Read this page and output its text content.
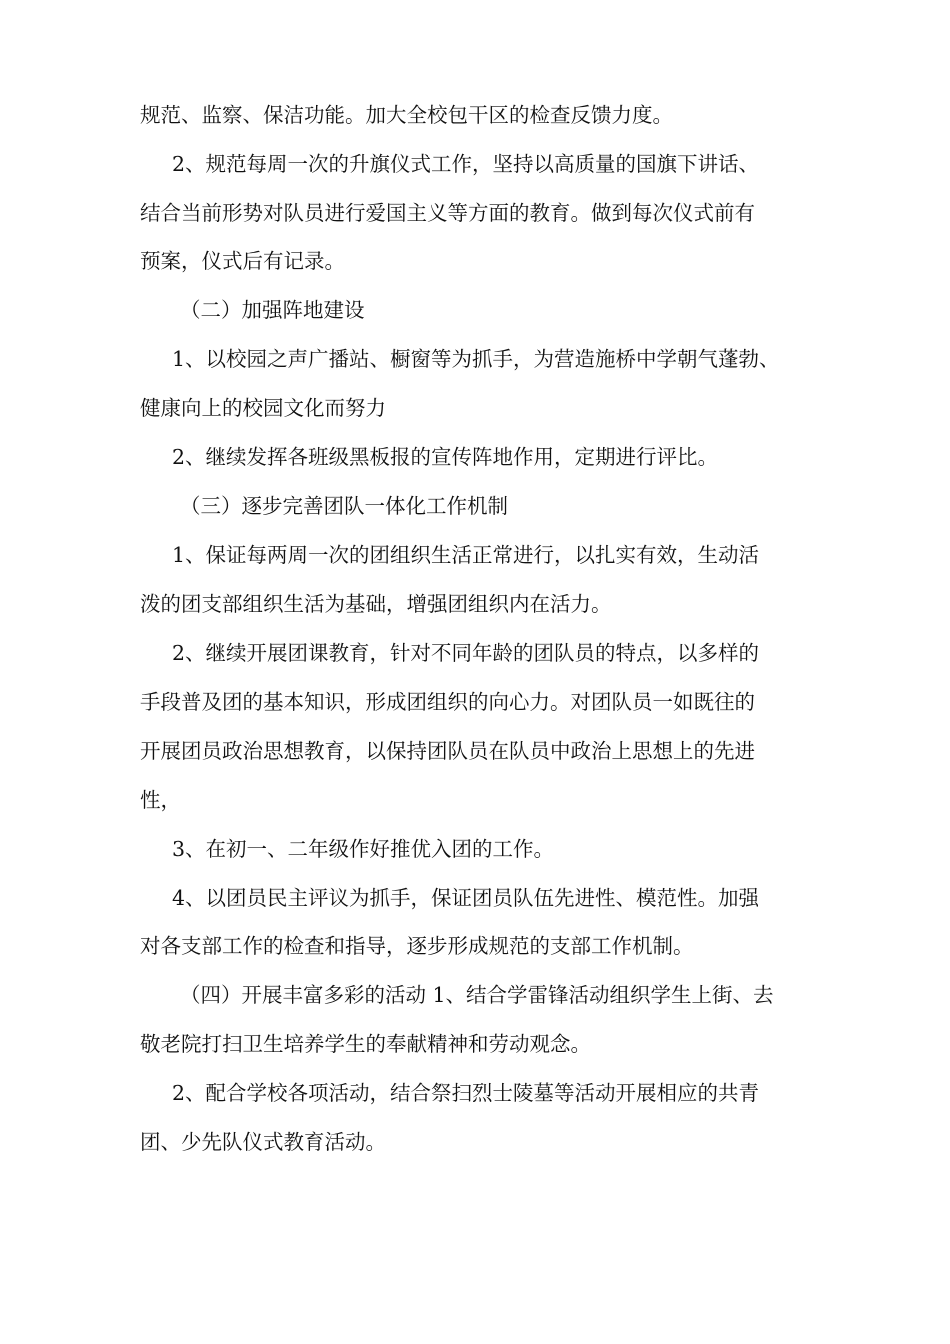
规范、监察、保洁功能。加大全校包干区的检查反馈力度。
2、规范每周一次的升旗仪式工作，坚持以高质量的国旗下讲话、
结合当前形势对队员进行爱国主义等方面的教育。做到每次仪式前有
预案，仪式后有记录。
（二）加强阵地建设
1、以校园之声广播站、橱窗等为抓手，为营造施桥中学朝气蓬勃、
健康向上的校园文化而努力
2、继续发挥各班级黑板报的宣传阵地作用，定期进行评比。
（三）逐步完善团队一体化工作机制
1、保证每两周一次的团组织生活正常进行，以扎实有效，生动活
泼的团支部组织生活为基础，增强团组织内在活力。
2、继续开展团课教育，针对不同年龄的团队员的特点，以多样的
手段普及团的基本知识，形成团组织的向心力。对团队员一如既往的
开展团员政治思想教育，以保持团队员在队员中政治上思想上的先进
性，
3、在初一、二年级作好推优入团的工作。
4、以团员民主评议为抓手，保证团员队伍先进性、模范性。加强
对各支部工作的检查和指导，逐步形成规范的支部工作机制。
（四）开展丰富多彩的活动 1、结合学雷锋活动组织学生上街、去
敬老院打扫卫生培养学生的奉献精神和劳动观念。
2、配合学校各项活动，结合祭扫烈士陵墓等活动开展相应的共青
团、少先队仪式教育活动。
